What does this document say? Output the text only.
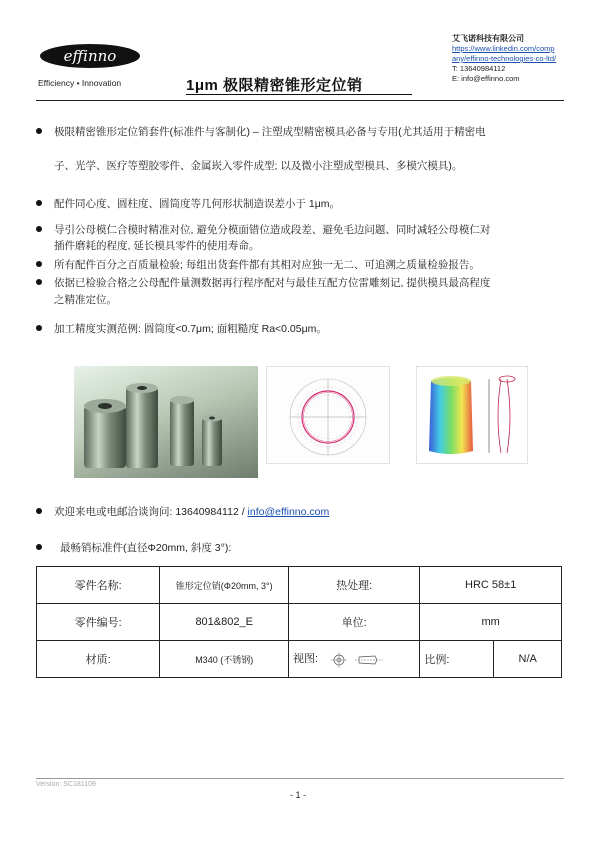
effinno
Efficiency • Innovation	1μm 极限精密锥形定位销
艾飞诺科技有限公司
https://www.linkedin.com/comp
any/effinno-technologies-co-ltd/
T: 13640984112
E: info@effinno.com
极限精密锥形定位销套件(标准件与客制化) – 注塑成型精密模具必备与专用(尤其适用于精密电
子、光学、医疗等塑胶零件、金属崁入零件成型; 以及微小注塑成型模具、多模穴模具)。
配件同心度、圆柱度、圆筒度等几何形状制造误差小于 1μm。
导引公母模仁合模时精准对位, 避免分模面错位造成段差、避免毛边问题、同时减轻公母模仁对
插件磨耗的程度, 延长模具零件的使用寿命。
所有配件百分之百质量检验; 每组出货套件都有其相对应独一无二、可追溯之质量检验报告。
依据已检验合格之公母配件量测数据再行程序配对与最佳互配方位雷雕刻记, 提供模具最高程度
之精准定位。
加工精度实测范例: 圆筒度<0.7μm; 面粗糙度 Ra<0.05μm。
欢迎来电或电邮洽谈询问: 13640984112 / info@effinno.com
最畅销标准件(直径Φ20mm, 斜度 3°):
零件名称:	锥形定位销(Φ20mm, 3°)	热处理:	HRC 58±1	
零件编号:	801&802_E	单位:	mm	
材质:	M340 (不锈钢)	视图:	比例:	N/A
Version: SC181109
- 1 -
